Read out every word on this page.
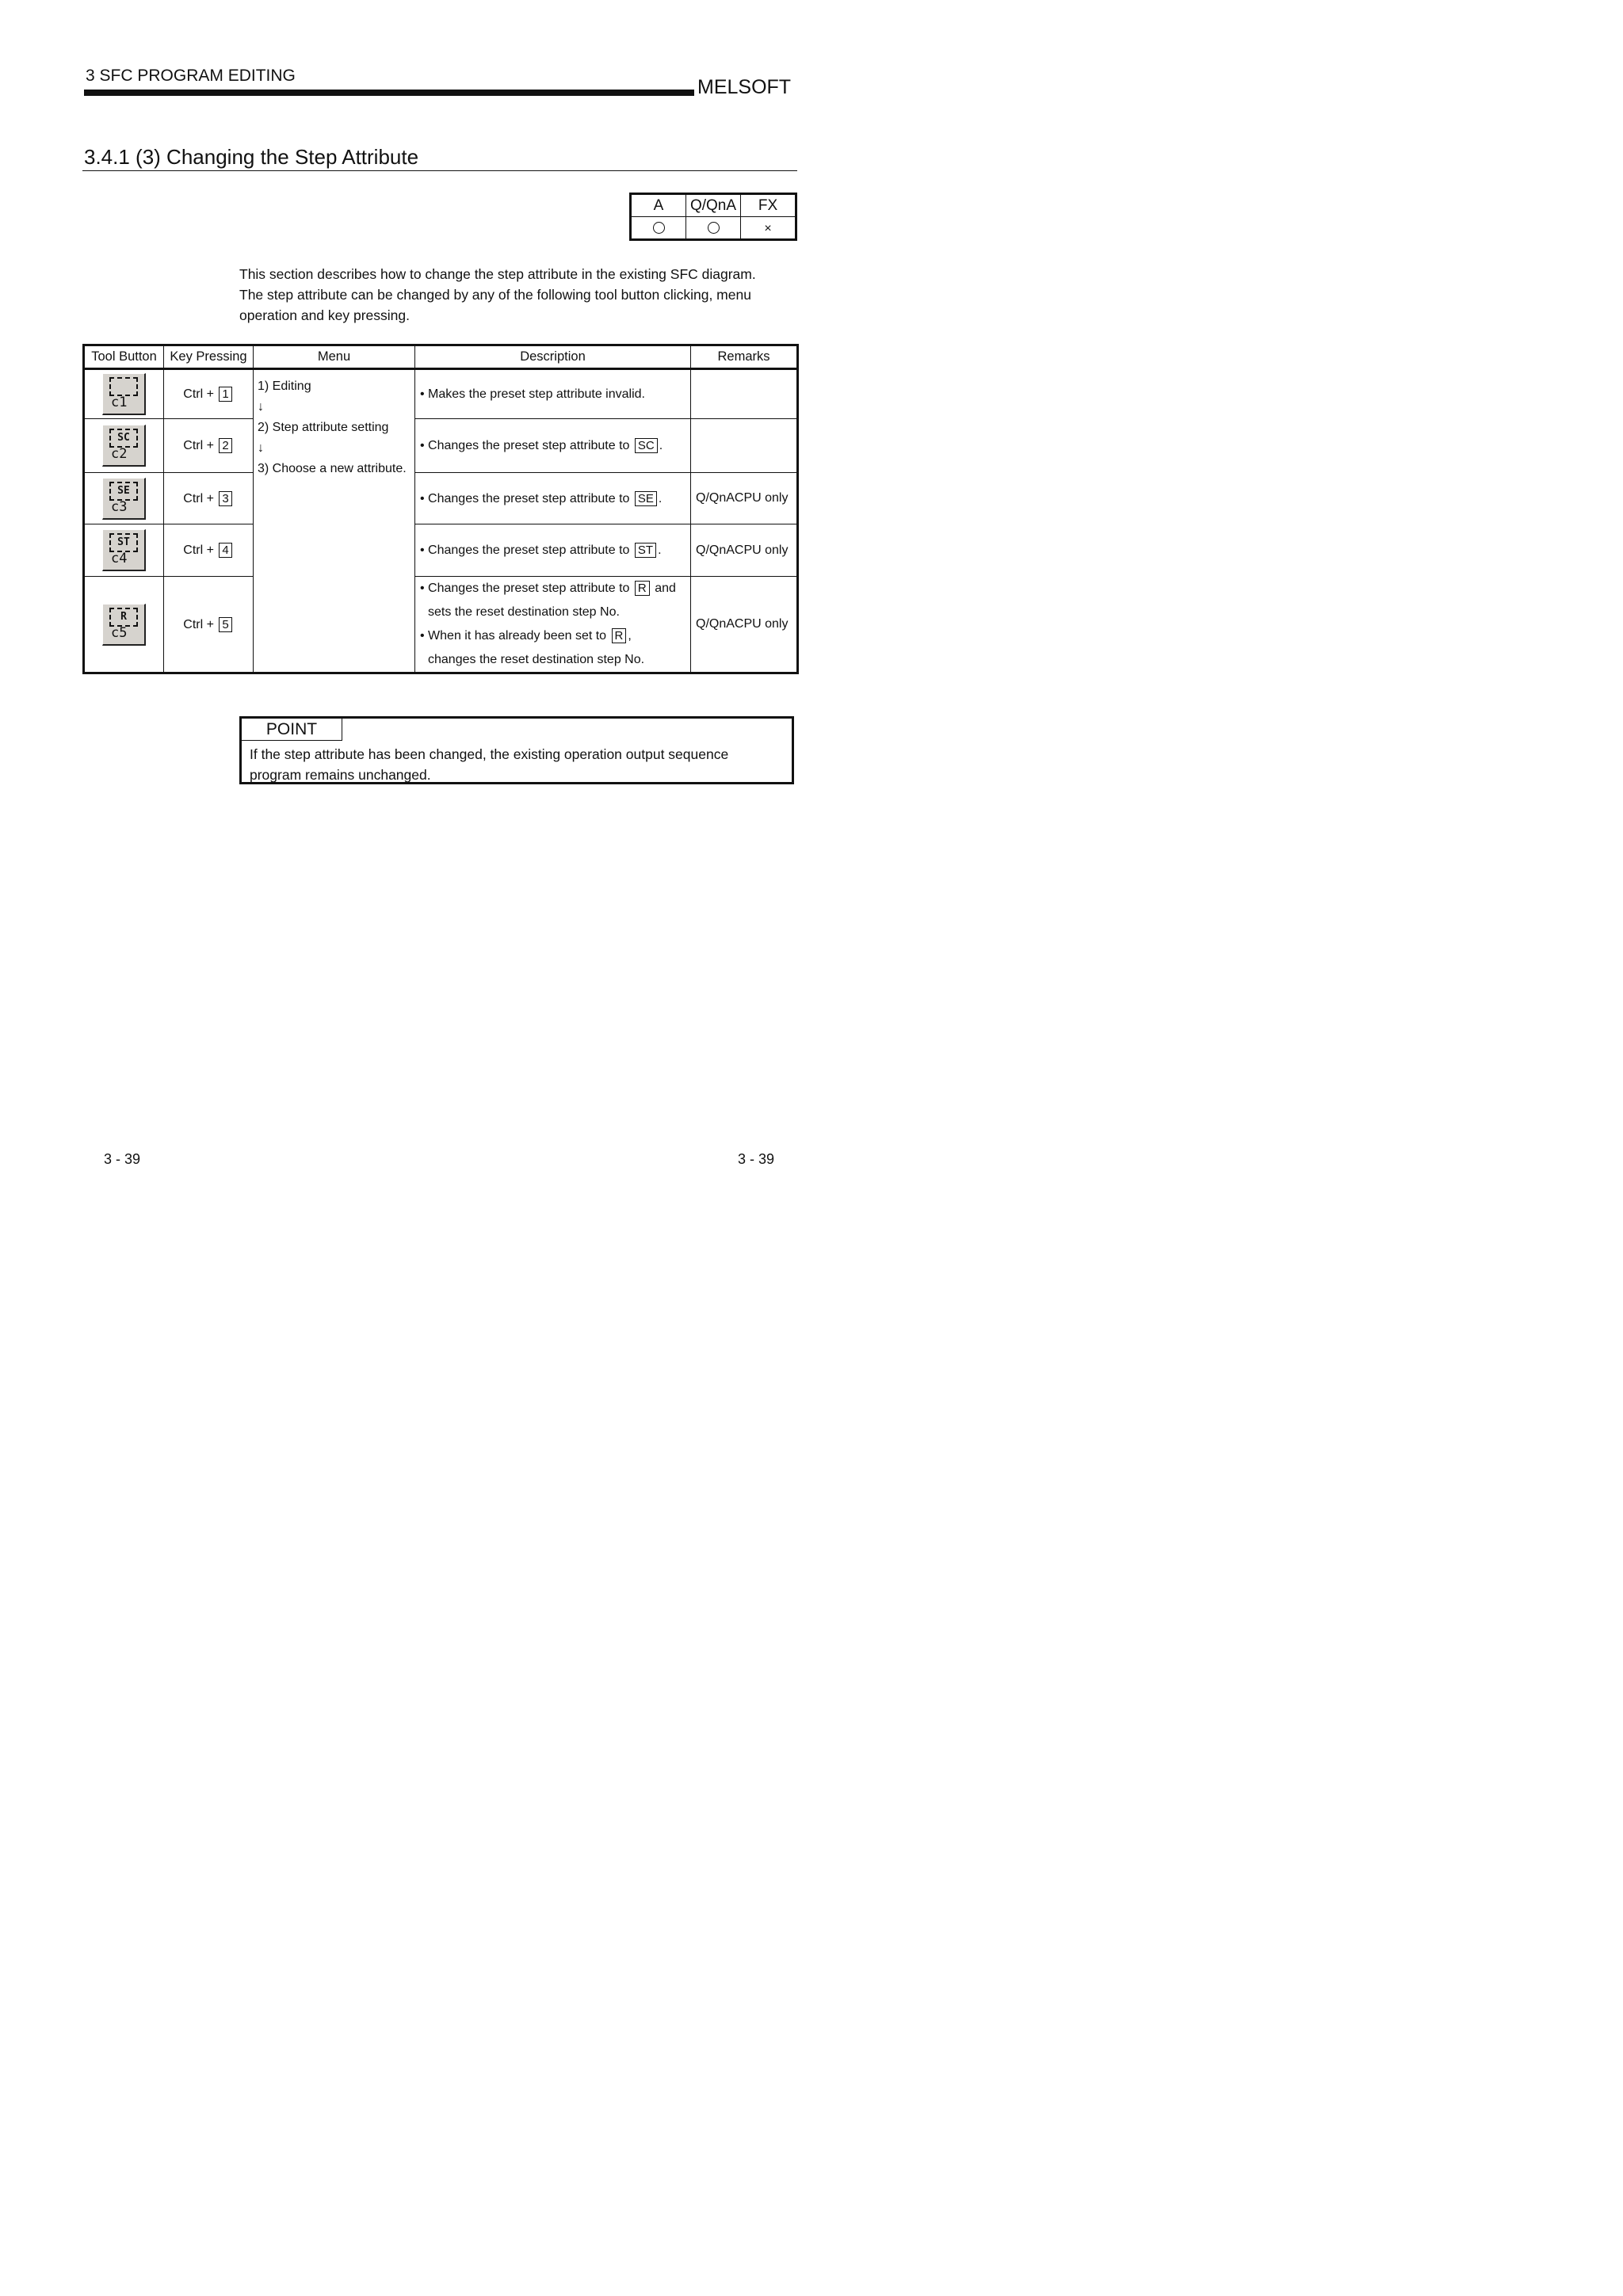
3 SFC PROGRAM EDITING
MELSOFT
3.4.1 (3) Changing the Step Attribute
A	Q/QnA	FX
		×

This section describes how to change the step attribute in the existing SFC diagram.

The step attribute can be changed by any of the following tool button clicking, menu

operation and key pressing.

Tool Button	Key Pressing	Menu	Description	Remarks

c1	Ctrl + 1	1) Editing
↓
2) Step attribute setting
↓
3) Choose a new attribute.	• Makes the preset step attribute invalid.	

SC
c2	Ctrl + 2		• Changes the preset step attribute to SC .	

SE
c3	Ctrl + 3		• Changes the preset step attribute to SE .	Q/QnACPU only

ST
c4	Ctrl + 4		• Changes the preset step attribute to ST .	Q/QnACPU only

R
c5	Ctrl + 5		• Changes the preset step attribute to R and
sets the reset destination step No.
• When it has already been set to R ,
changes the reset destination step No.	Q/QnACPU only
POINT
If the step attribute has been changed, the existing operation output sequence
program remains unchanged.
3 - 39	3 - 39
